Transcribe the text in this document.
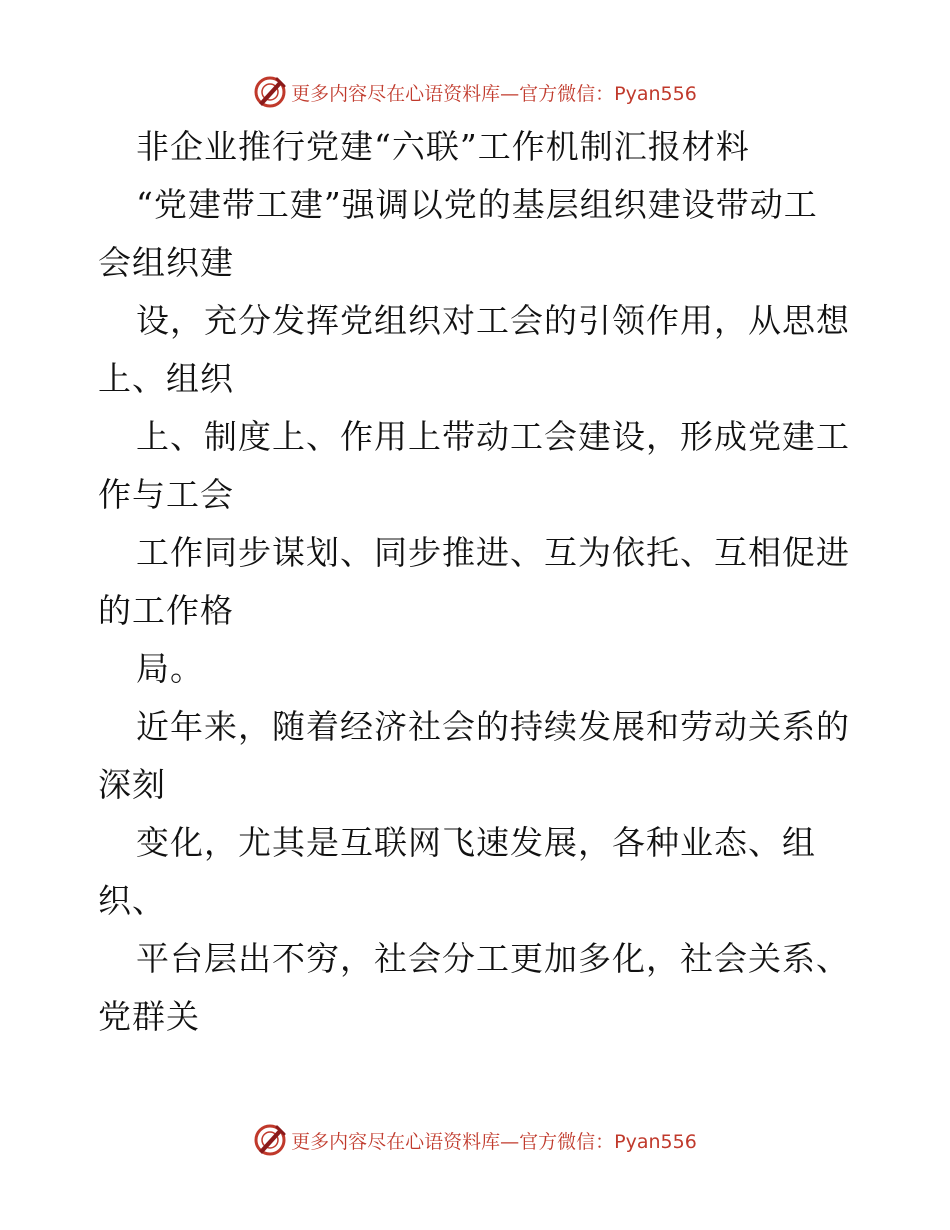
更多内容尽在心语资料库—官方微信：Pyan556
非企业推行党建“六联”工作机制汇报材料
“党建带工建”强调以党的基层组织建设带动工
会组织建
设，充分发挥党组织对工会的引领作用，从思想
上、组织
上、制度上、作用上带动工会建设，形成党建工
作与工会
工作同步谋划、同步推进、互为依托、互相促进
的工作格
局。
近年来，随着经济社会的持续发展和劳动关系的
深刻
变化，尤其是互联网飞速发展，各种业态、组
织、
平台层出不穷，社会分工更加多化，社会关系、
党群关
更多内容尽在心语资料库—官方微信：Pyan556
